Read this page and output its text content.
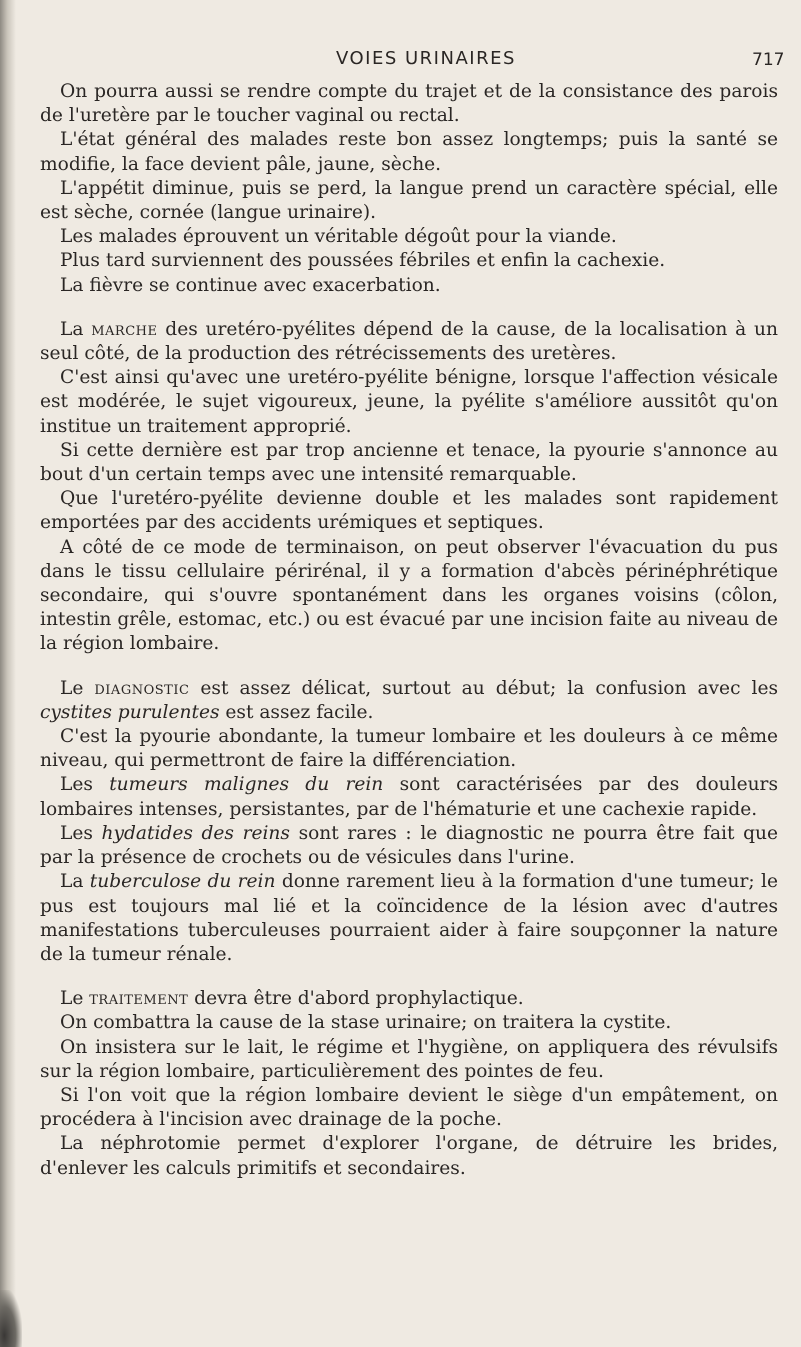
VOIES URINAIRES	717

On pourra aussi se rendre compte du trajet et de la consistance des parois de l'uretère par le toucher vaginal ou rectal.

L'état général des malades reste bon assez longtemps; puis la santé se modifie, la face devient pâle, jaune, sèche.

L'appétit diminue, puis se perd, la langue prend un caractère spécial, elle est sèche, cornée (langue urinaire).

Les malades éprouvent un véritable dégoût pour la viande.

Plus tard surviennent des poussées fébriles et enfin la cachexie.

La fièvre se continue avec exacerbation.

La marche des uretéro-pyélites dépend de la cause, de la localisation à un seul côté, de la production des rétrécissements des uretères.

C'est ainsi qu'avec une uretéro-pyélite bénigne, lorsque l'affection vésicale est modérée, le sujet vigoureux, jeune, la pyélite s'améliore aussitôt qu'on institue un traitement approprié.

Si cette dernière est par trop ancienne et tenace, la pyourie s'annonce au bout d'un certain temps avec une intensité remarquable.

Que l'uretéro-pyélite devienne double et les malades sont rapidement emportées par des accidents urémiques et septiques.

A côté de ce mode de terminaison, on peut observer l'évacuation du pus dans le tissu cellulaire périrénal, il y a formation d'abcès périnéphrétique secondaire, qui s'ouvre spontanément dans les organes voisins (côlon, intestin grêle, estomac, etc.) ou est évacué par une incision faite au niveau de la région lombaire.

Le diagnostic est assez délicat, surtout au début; la confusion avec les cystites purulentes est assez facile.

C'est la pyourie abondante, la tumeur lombaire et les douleurs à ce même niveau, qui permettront de faire la différenciation.

Les tumeurs malignes du rein sont caractérisées par des douleurs lombaires intenses, persistantes, par de l'hématurie et une cachexie rapide.

Les hydatides des reins sont rares : le diagnostic ne pourra être fait que par la présence de crochets ou de vésicules dans l'urine.

La tuberculose du rein donne rarement lieu à la formation d'une tumeur; le pus est toujours mal lié et la coïncidence de la lésion avec d'autres manifestations tuberculeuses pourraient aider à faire soupçonner la nature de la tumeur rénale.

Le traitement devra être d'abord prophylactique.

On combattra la cause de la stase urinaire; on traitera la cystite.

On insistera sur le lait, le régime et l'hygiène, on appliquera des révulsifs sur la région lombaire, particulièrement des pointes de feu.

Si l'on voit que la région lombaire devient le siège d'un empâtement, on procédera à l'incision avec drainage de la poche.

La néphrotomie permet d'explorer l'organe, de détruire les brides, d'enlever les calculs primitifs et secondaires.
